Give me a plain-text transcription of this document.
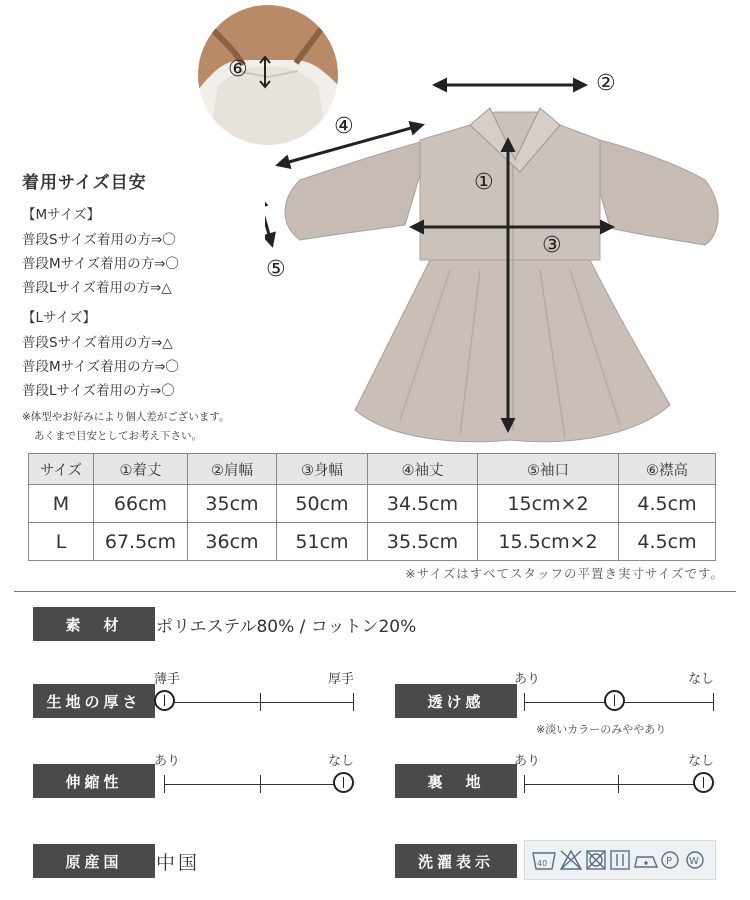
⑥
①
②
③
④
⑤
着用サイズ目安
【Mサイズ】
普段Sサイズ着用の方⇒〇
普段Mサイズ着用の方⇒〇
普段Lサイズ着用の方⇒△
【Lサイズ】
普段Sサイズ着用の方⇒△
普段Mサイズ着用の方⇒〇
普段Lサイズ着用の方⇒〇
※体型やお好みにより個人差がございます。
あくまで目安としてお考え下さい。
サイズ	①着丈	②肩幅	③身幅	④袖丈	⑤袖口	⑥襟高
M	66cm	35cm	50cm	34.5cm	15cm×2	4.5cm
L	67.5cm	36cm	51cm	35.5cm	15.5cm×2	4.5cm
※サイズはすべてスタッフの平置き実寸サイズです。
素　材	ポリエステル80% / コットン20%
生地の厚さ
薄手	厚手
透け感
あり	なし
※淡いカラーのみややあり
伸縮性
あり	なし
裏　地
あり	なし
原産国	中国	洗濯表示	40	P W
